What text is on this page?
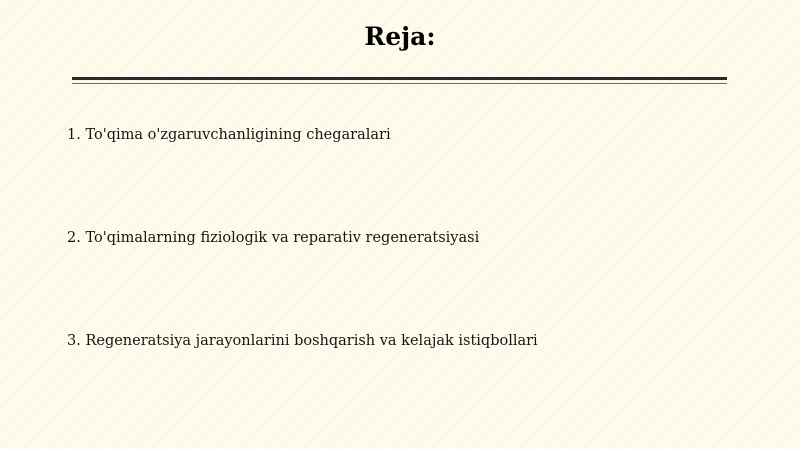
Reja:
1. To'qima o'zgaruvchanligining chegaralari
2. To'qimalarning fiziologik va reparativ regeneratsiyasi
3. Regeneratsiya jarayonlarini boshqarish va kelajak istiqbollari
